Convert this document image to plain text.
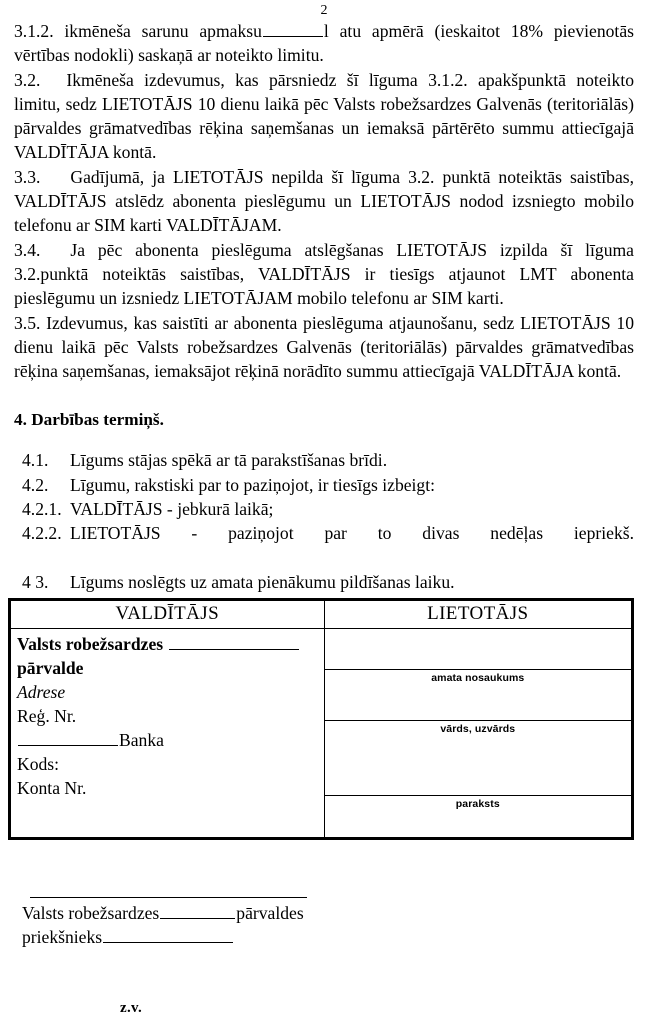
2

3.1.2. ikmēneša sarunu apmaksu	l atu apmērā (ieskaitot 18% pievienotās vērtības nodokli) saskaņā ar noteikto limitu.

3.2. Ikmēneša izdevumus, kas pārsniedz šī līguma 3.1.2. apakšpunktā noteikto limitu, sedz LIETOTĀJS 10 dienu laikā pēc Valsts robežsardzes Galvenās (teritoriālās) pārvaldes grāmatvedības rēķina saņemšanas un iemaksā pārtērēto summu attiecīgajā VALDĪTĀJA kontā.

3.3. Gadījumā, ja LIETOTĀJS nepilda šī līguma 3.2. punktā noteiktās saistības, VALDĪTĀJS atslēdz abonenta pieslēgumu un LIETOTĀJS nodod izsniegto mobilo telefonu ar SIM karti VALDĪTĀJAM.

3.4. Ja pēc abonenta pieslēguma atslēgšanas LIETOTĀJS izpilda šī līguma 3.2.punktā noteiktās saistības, VALDĪTĀJS ir tiesīgs atjaunot LMT abonenta pieslēgumu un izsniedz LIETOTĀJAM mobilo telefonu ar SIM karti.

3.5. Izdevumus, kas saistīti ar abonenta pieslēguma atjaunošanu, sedz LIETOTĀJS 10 dienu laikā pēc Valsts robežsardzes Galvenās (teritoriālās) pārvaldes grāmatvedības rēķina saņemšanas, iemaksājot rēķinā norādīto summu attiecīgajā VALDĪTĀJA kontā.

4. Darbības termiņš.
4.1.	Līgums stājas spēkā ar tā parakstīšanas brīdi.
4.2.	Līgumu, rakstiski par to paziņojot, ir tiesīgs izbeigt:
4.2.1. VALDĪTĀJS - jebkurā laikā;
4.2.2. LIETOTĀJS - paziņojot par to divas nedēļas iepriekš.
4 3.	Līgums noslēgts uz amata pienākumu pildīšanas laiku.
VALDĪTĀJS	LIETOTĀJS

Valsts robežsardzes
pārvalde
Adrese
Reģ. Nr.
Banka
Kods:
Konta Nr.

amata nosaukums
vārds, uzvārds
paraksts
Valsts robežsardzes	pārvaldes
priekšnieks
z.v.
